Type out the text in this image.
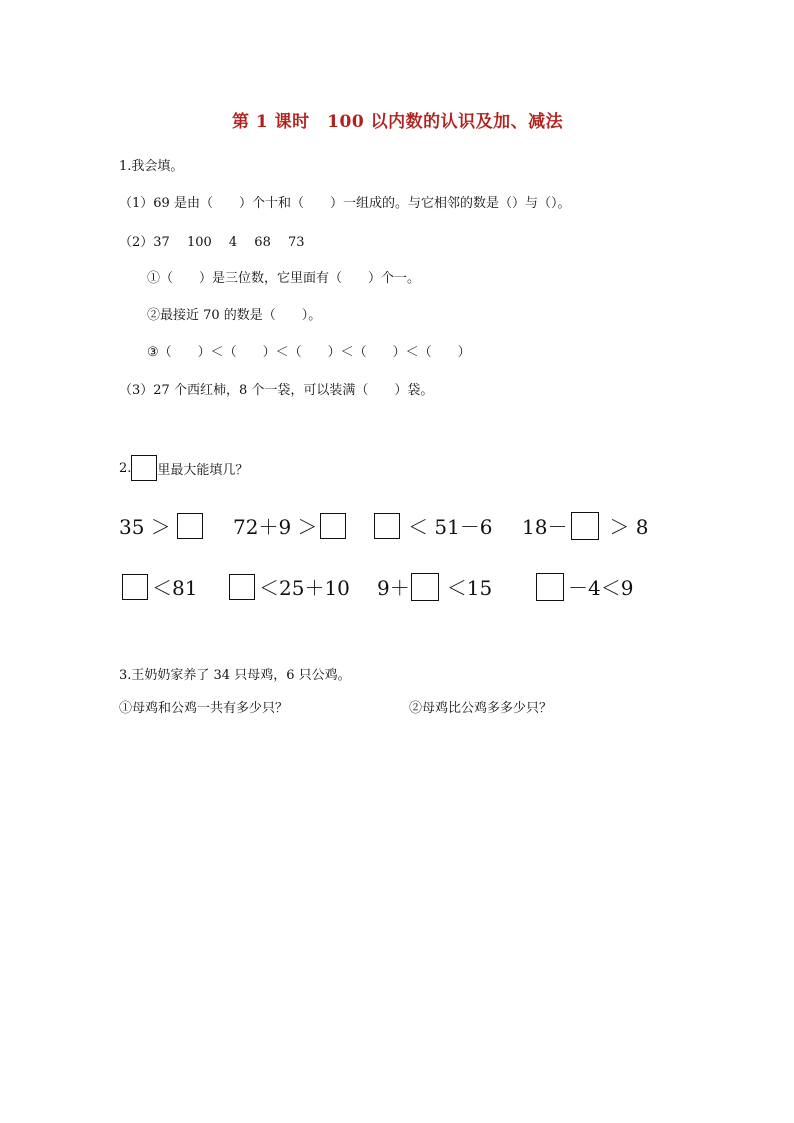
第 1 课时　100 以内数的认识及加、减法
1.我会填。
（1）69 是由（　　）个十和（　　）一组成的。与它相邻的数是（）与（）。
（2）37　 100　 4　 68　 73
①（　　）是三位数，它里面有（　　）个一。
②最接近 70 的数是（　　）。
③（　　）＜（　　）＜（　　）＜（　　）＜（　　）
（3）27 个西红柿，8 个一袋，可以装满（　　）袋。
2. 里最大能填几？
35 ＞	72＋9 ＞	＜ 51－6 18－ ＞ 8
＜81	＜25＋10 9＋ ＜15	－4＜9
3.王奶奶家养了 34 只母鸡，6 只公鸡。
①母鸡和公鸡一共有多少只？	②母鸡比公鸡多多少只？
